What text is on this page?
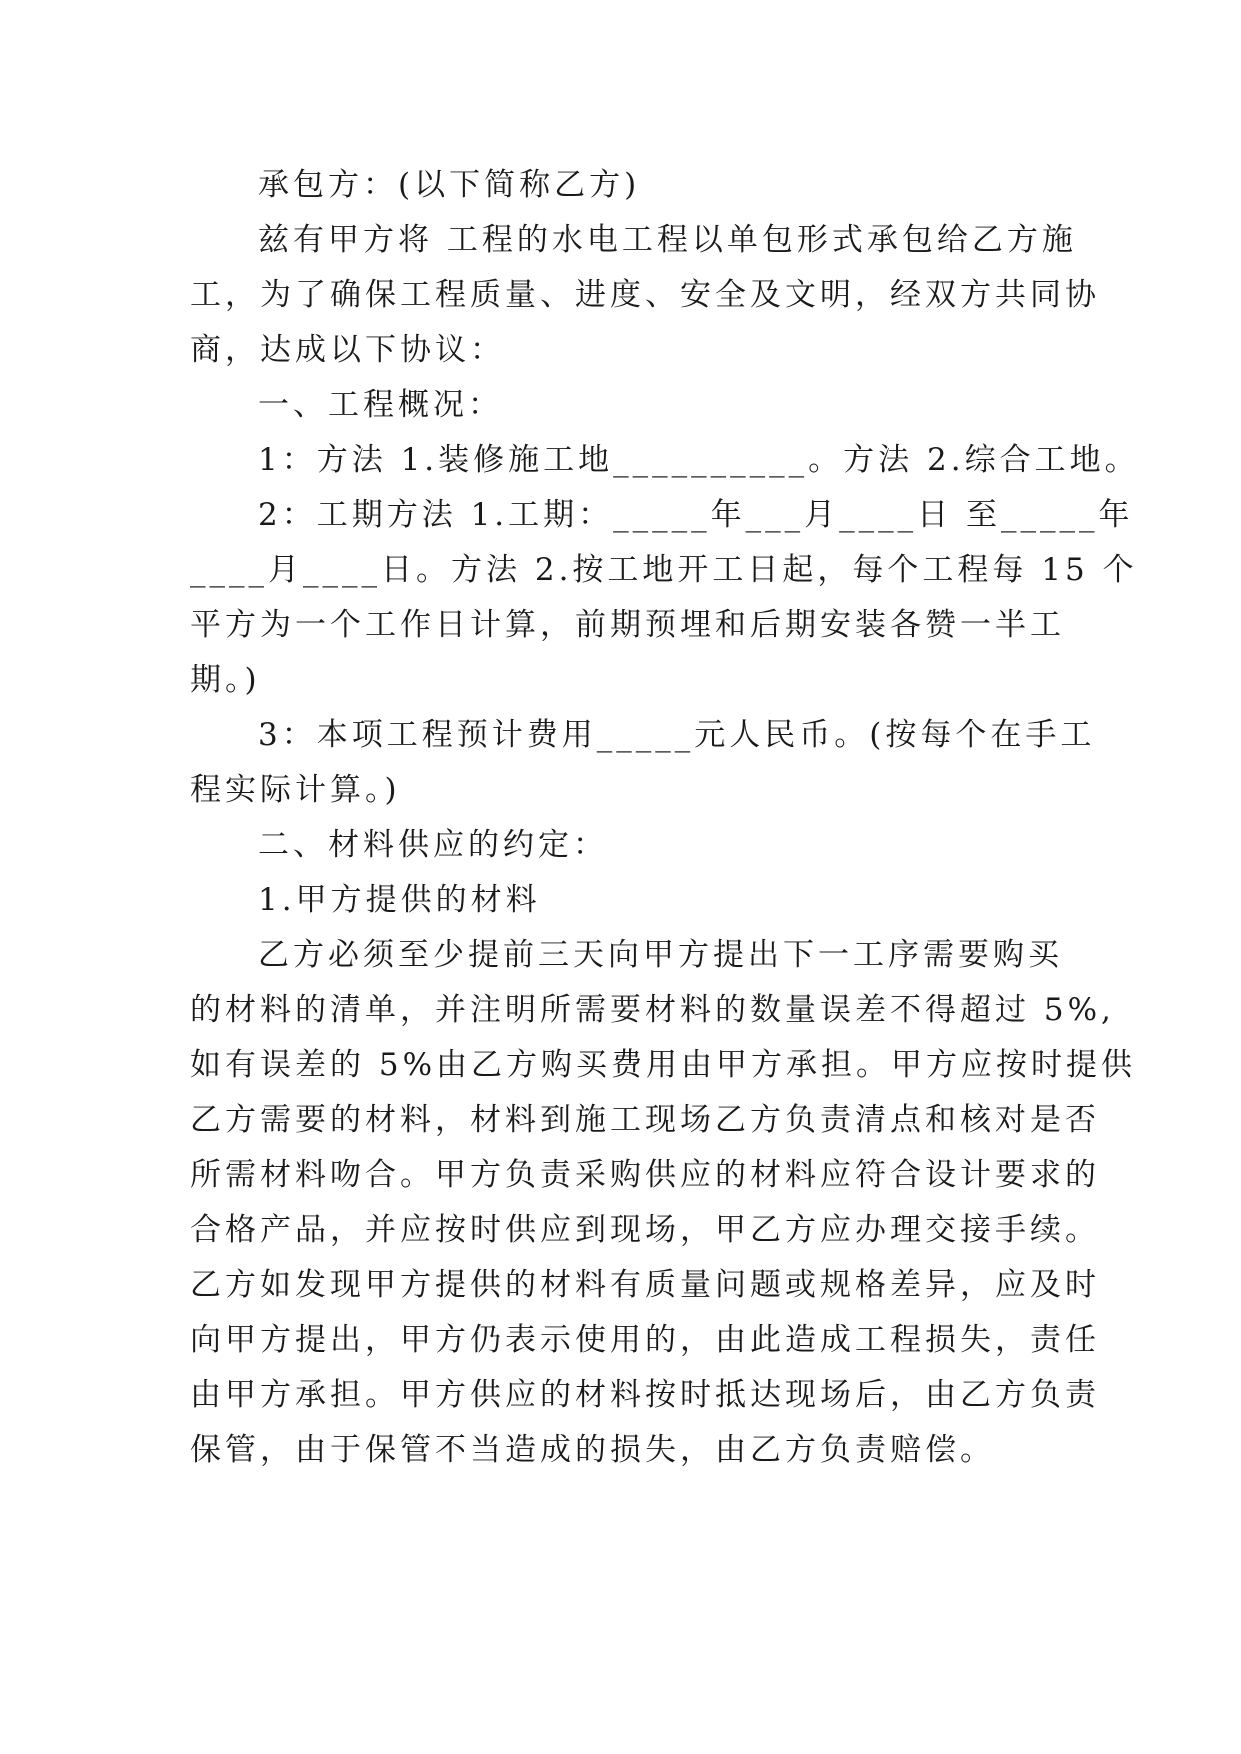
承包方：(以下简称乙方)

兹有甲方将 工程的水电工程以单包形式承包给乙方施
工，为了确保工程质量、进度、安全及文明，经双方共同协
商，达成以下协议：

一、工程概况：

1：方法 1.装修施工地__________。方法 2.综合工地。

2：工期方法 1.工期：_____年___月____日 至_____年
____月____日。方法 2.按工地开工日起，每个工程每 15 个
平方为一个工作日计算，前期预埋和后期安装各赞一半工
期。)

3：本项工程预计费用_____元人民币。(按每个在手工
程实际计算。)

二、材料供应的约定：

1.甲方提供的材料

乙方必须至少提前三天向甲方提出下一工序需要购买
的材料的清单，并注明所需要材料的数量误差不得超过 5%,
如有误差的 5%由乙方购买费用由甲方承担。甲方应按时提供
乙方需要的材料，材料到施工现场乙方负责清点和核对是否
所需材料吻合。甲方负责采购供应的材料应符合设计要求的
合格产品，并应按时供应到现场，甲乙方应办理交接手续。
乙方如发现甲方提供的材料有质量问题或规格差异，应及时
向甲方提出，甲方仍表示使用的，由此造成工程损失，责任
由甲方承担。甲方供应的材料按时抵达现场后，由乙方负责
保管，由于保管不当造成的损失，由乙方负责赔偿。
